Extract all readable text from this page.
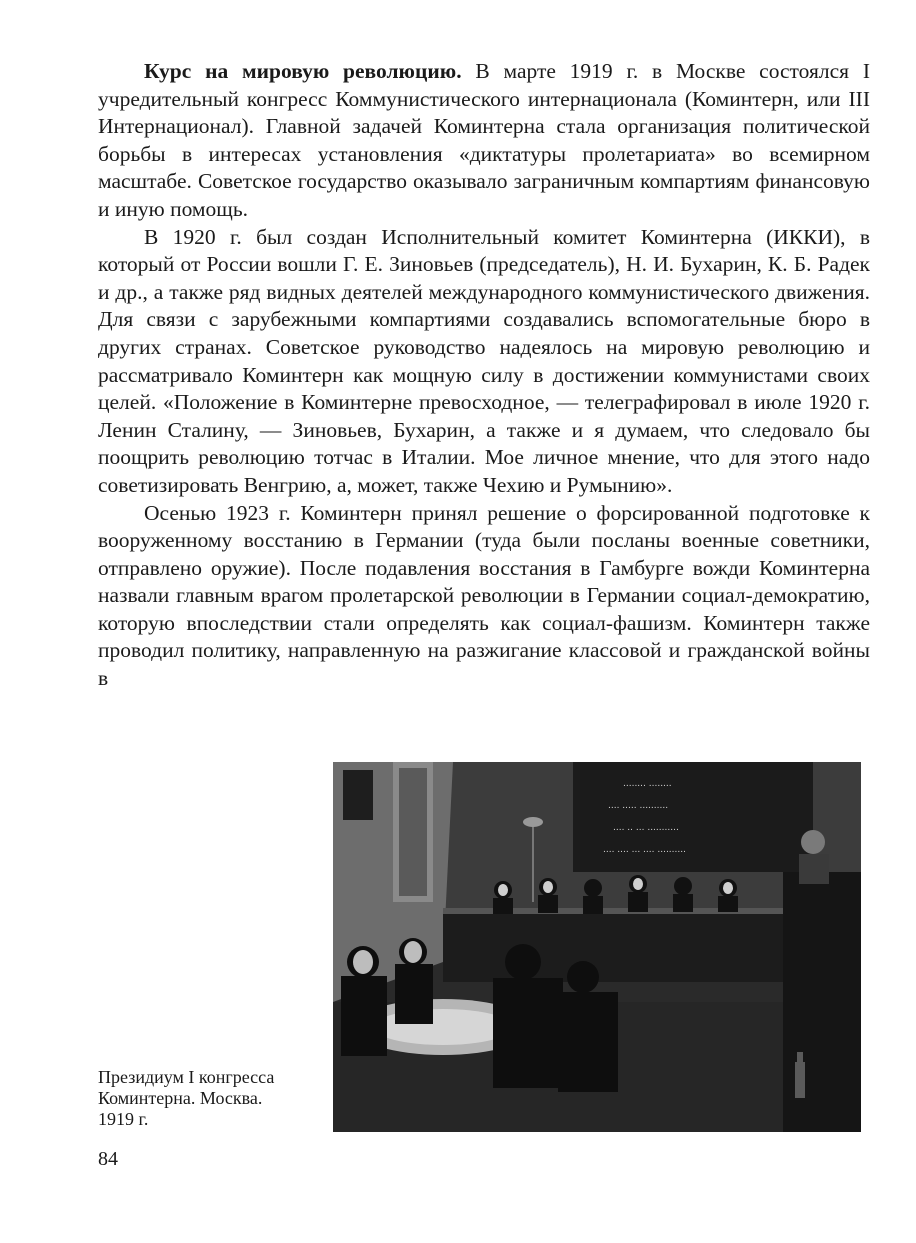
Курс на мировую революцию. В марте 1919 г. в Москве состоялся I учредительный конгресс Коммунистического интернационала (Коминтерн, или III Интернационал). Главной задачей Коминтерна стала организация политической борьбы в интересах установления «диктатуры пролетариата» во всемирном масштабе. Советское государство оказывало заграничным компартиям финансовую и иную помощь.

В 1920 г. был создан Исполнительный комитет Коминтерна (ИККИ), в который от России вошли Г. Е. Зиновьев (председатель), Н. И. Бухарин, К. Б. Радек и др., а также ряд видных деятелей международного коммунистического движения. Для связи с зарубежными компартиями создавались вспомогательные бюро в других странах. Советское руководство надеялось на мировую революцию и рассматривало Коминтерн как мощную силу в достижении коммунистами своих целей. «Положение в Коминтерне превосходное, — телеграфировал в июле 1920 г. Ленин Сталину, — Зиновьев, Бухарин, а также и я думаем, что следовало бы поощрить революцию тотчас в Италии. Мое личное мнение, что для этого надо советизировать Венгрию, а, может, также Чехию и Румынию».

Осенью 1923 г. Коминтерн принял решение о форсированной подготовке к вооруженному восстанию в Германии (туда были посланы военные советники, отправлено оружие). После подавления восстания в Гамбурге вожди Коминтерна назвали главным врагом пролетарской революции в Германии социал-демократию, которую впоследствии стали определять как социал-фашизм. Коминтерн также проводил политику, направленную на разжигание классовой и гражданской войны в

........ ........
.... ..... ..........
.... .. ... ...........
.... .... ... .... ..........
Президиум I конгресса
Коминтерна. Москва.
1919 г.
84
